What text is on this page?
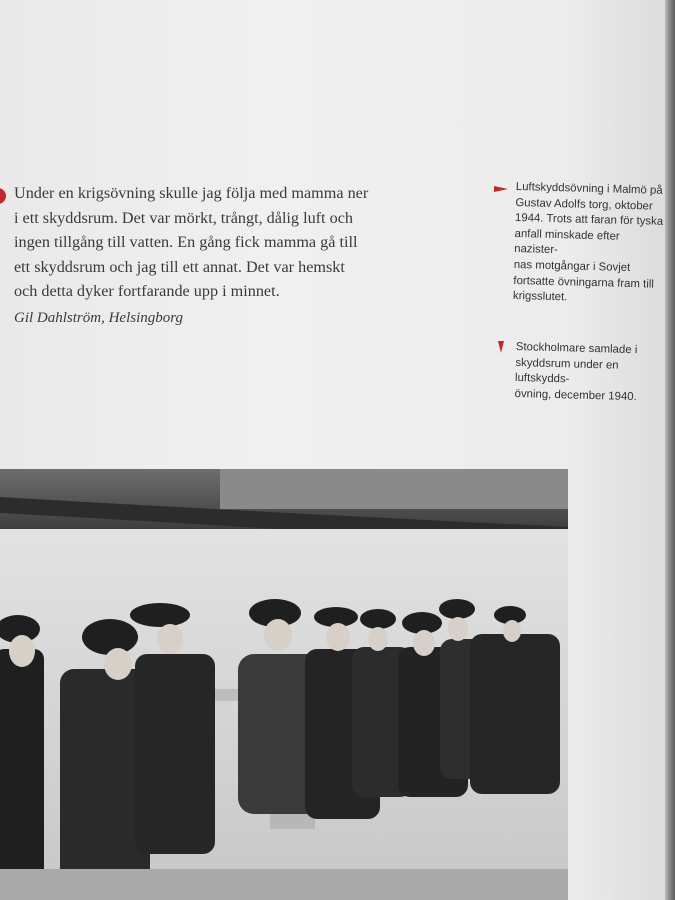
Under en krigsövning skulle jag följa med mamma ner
i ett skyddsrum. Det var mörkt, trångt, dålig luft och
ingen tillgång till vatten. En gång fick mamma gå till
ett skyddsrum och jag till ett annat. Det var hemskt
och detta dyker fortfarande upp i minnet.
Gil Dahlström, Helsingborg
Luftskyddsövning i Malmö på
Gustav Adolfs torg, oktober
1944. Trots att faran för tyska
anfall minskade efter nazister-
nas motgångar i Sovjet
fortsatte övningarna fram till
krigsslutet.
Stockholmare samlade i
skyddsrum under en luftskydds-
övning, december 1940.
